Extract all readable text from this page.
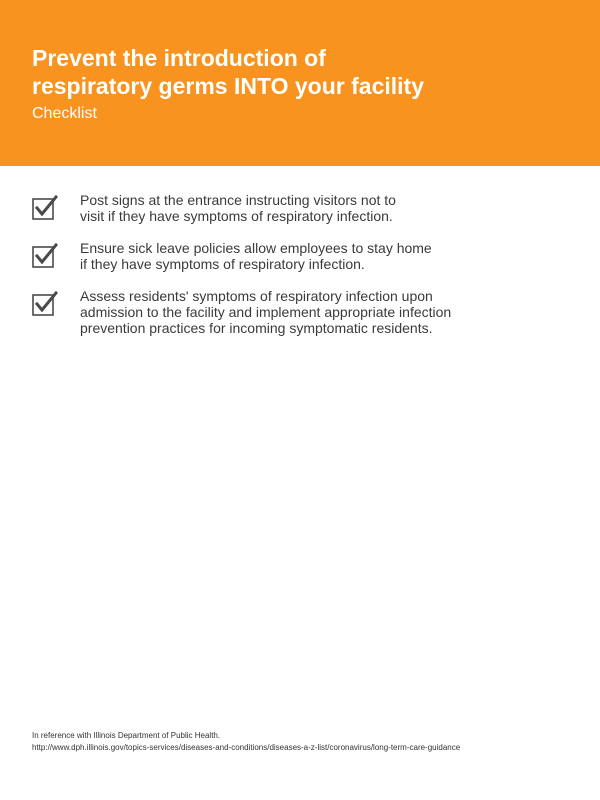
Prevent the introduction of
respiratory germs INTO your facility

Checklist

Post signs at the entrance instructing visitors not to
visit if they have symptoms of respiratory infection.
Ensure sick leave policies allow employees to stay home
if they have symptoms of respiratory infection.
Assess residents' symptoms of respiratory infection upon
admission to the facility and implement appropriate infection
prevention practices for incoming symptomatic residents.
In reference with Illinois Department of Public Health.
http://www.dph.illinois.gov/topics-services/diseases-and-conditions/diseases-a-z-list/coronavirus/long-term-care-guidance
